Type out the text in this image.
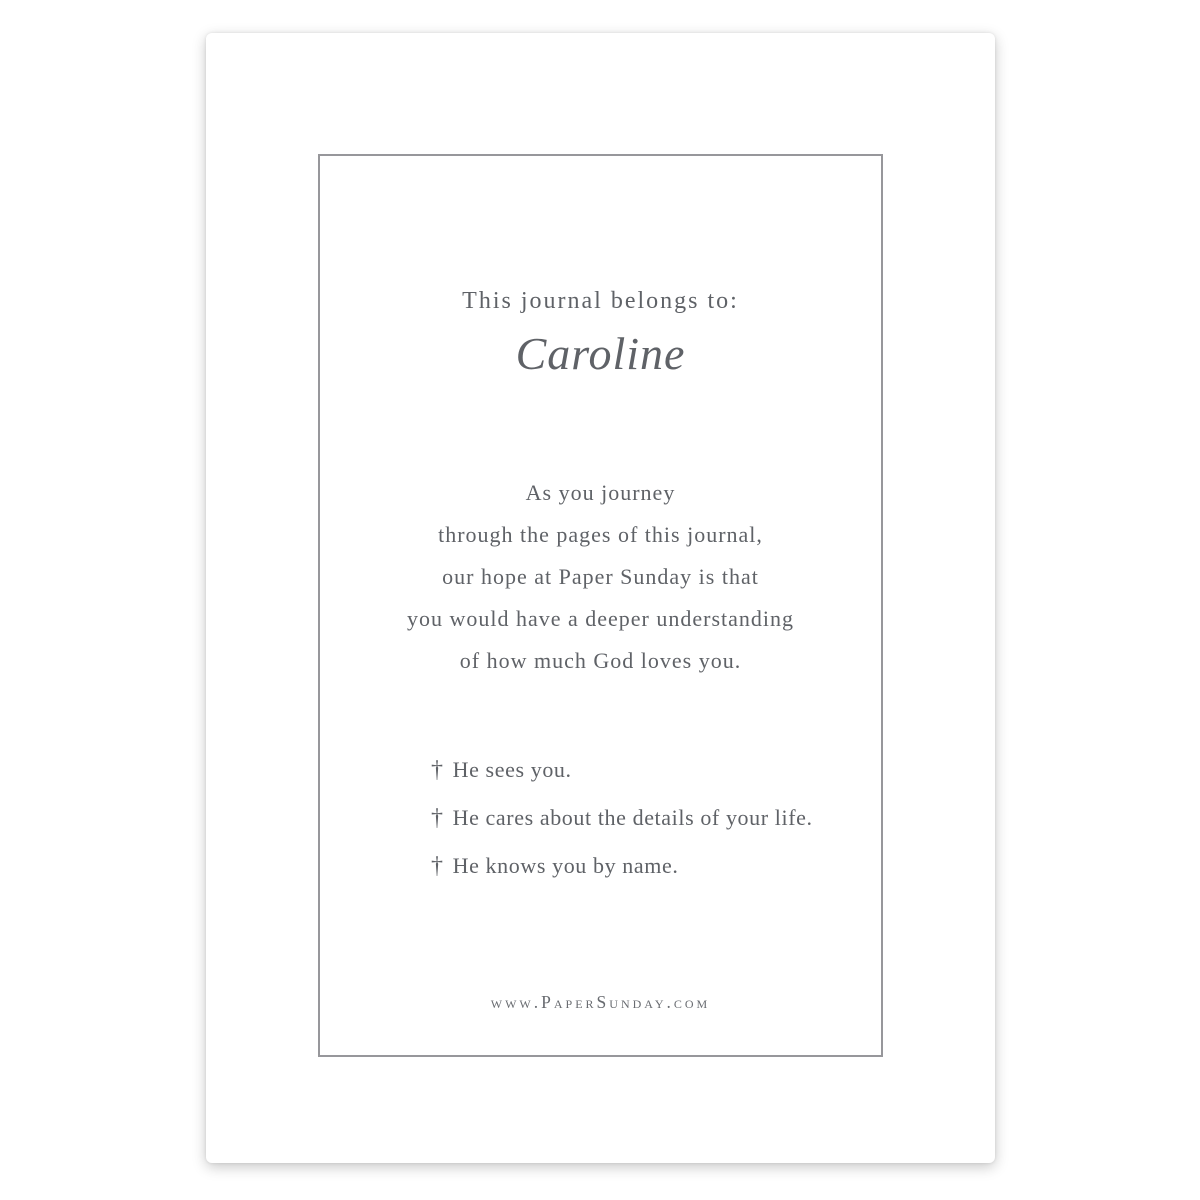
This journal belongs to:
Caroline
As you journey
through the pages of this journal,
our hope at Paper Sunday is that
you would have a deeper understanding
of how much God loves you.
† He sees you.
† He cares about the details of your life.
† He knows you by name.
www.PaperSunday.com
